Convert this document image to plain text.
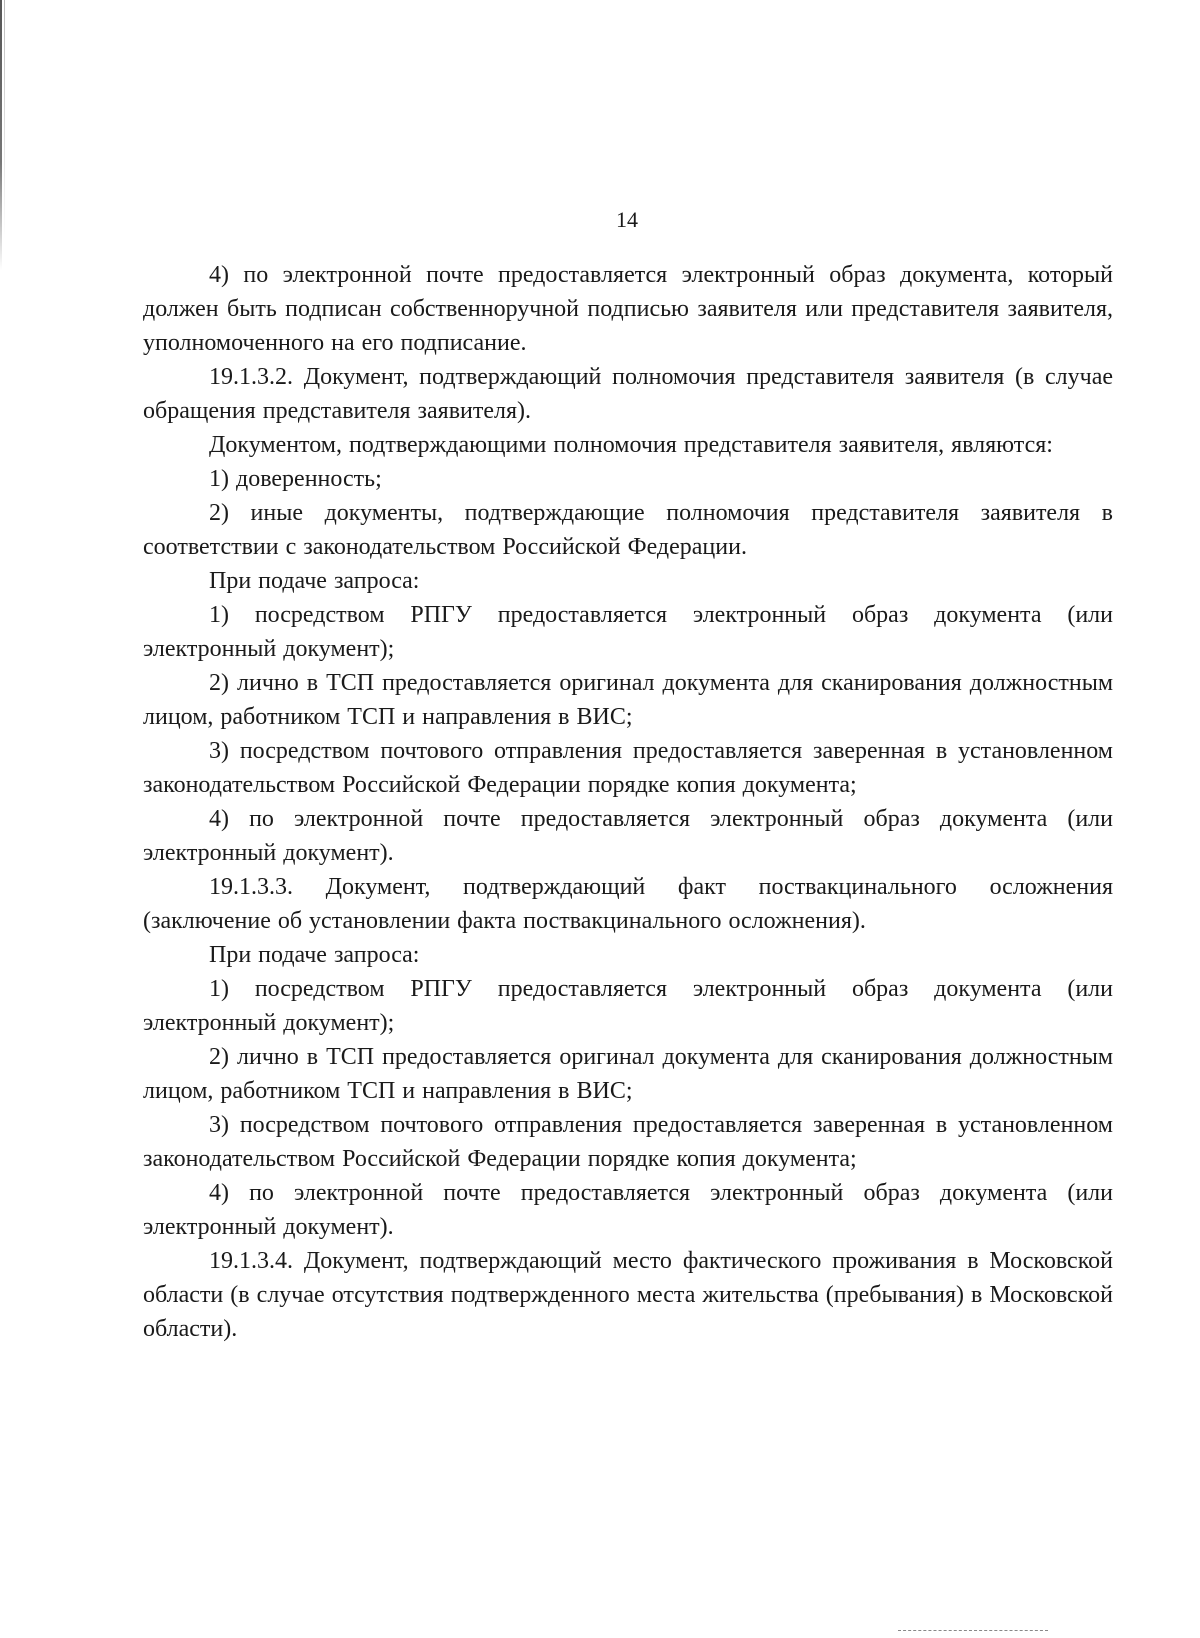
14

4) по электронной почте предоставляется электронный образ документа, который должен быть подписан собственноручной подписью заявителя или представителя заявителя, уполномоченного на его подписание.

19.1.3.2. Документ, подтверждающий полномочия представителя заявителя (в случае обращения представителя заявителя).

Документом, подтверждающими полномочия представителя заявителя, являются:

1) доверенность;

2) иные документы, подтверждающие полномочия представителя заявителя в соответствии с законодательством Российской Федерации.

При подаче запроса:

1) посредством РПГУ предоставляется электронный образ документа (или электронный документ);

2) лично в ТСП предоставляется оригинал документа для сканирования должностным лицом, работником ТСП и направления в ВИС;

3) посредством почтового отправления предоставляется заверенная в установленном законодательством Российской Федерации порядке копия документа;

4) по электронной почте предоставляется электронный образ документа (или электронный документ).

19.1.3.3. Документ, подтверждающий факт поствакцинального осложнения (заключение об установлении факта поствакцинального осложнения).

При подаче запроса:

1) посредством РПГУ предоставляется электронный образ документа (или электронный документ);

2) лично в ТСП предоставляется оригинал документа для сканирования должностным лицом, работником ТСП и направления в ВИС;

3) посредством почтового отправления предоставляется заверенная в установленном законодательством Российской Федерации порядке копия документа;

4) по электронной почте предоставляется электронный образ документа (или электронный документ).

19.1.3.4. Документ, подтверждающий место фактического проживания в Московской области (в случае отсутствия подтвержденного места жительства (пребывания) в Московской области).
